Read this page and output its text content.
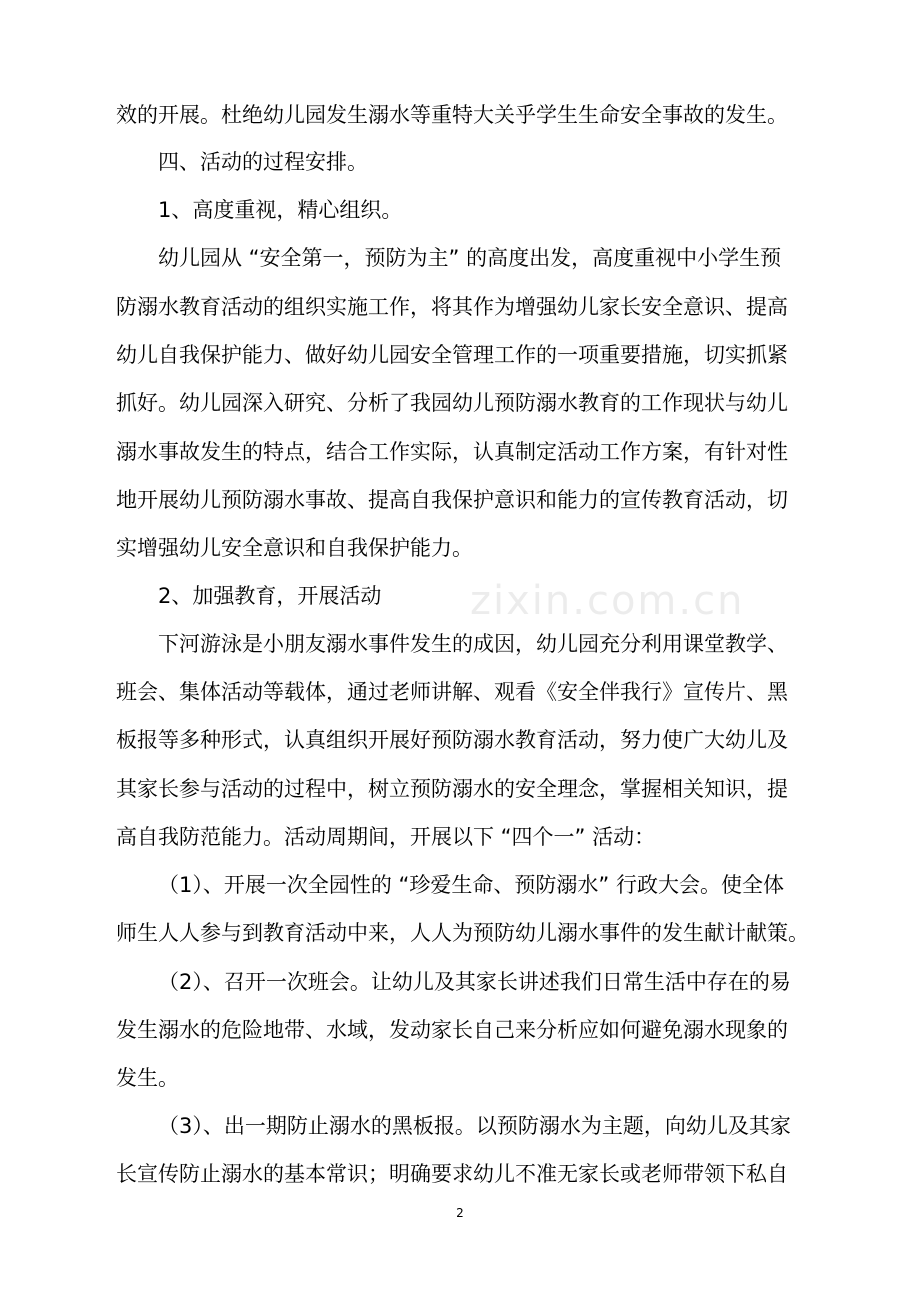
zixin.com.cn
效的开展。杜绝幼儿园发生溺水等重特大关乎学生生命安全事故的发生。
四、活动的过程安排。
1、高度重视，精心组织。
幼儿园从 “安全第一，预防为主” 的高度出发，高度重视中小学生预
防溺水教育活动的组织实施工作，将其作为增强幼儿家长安全意识、提高
幼儿自我保护能力、做好幼儿园安全管理工作的一项重要措施，切实抓紧
抓好。幼儿园深入研究、分析了我园幼儿预防溺水教育的工作现状与幼儿
溺水事故发生的特点，结合工作实际，认真制定活动工作方案，有针对性
地开展幼儿预防溺水事故、提高自我保护意识和能力的宣传教育活动，切
实增强幼儿安全意识和自我保护能力。
2、加强教育，开展活动
下河游泳是小朋友溺水事件发生的成因，幼儿园充分利用课堂教学、
班会、集体活动等载体，通过老师讲解、观看《安全伴我行》宣传片、黑
板报等多种形式，认真组织开展好预防溺水教育活动，努力使广大幼儿及
其家长参与活动的过程中，树立预防溺水的安全理念，掌握相关知识，提
高自我防范能力。活动周期间，开展以下 “四个一” 活动：
（1）、开展一次全园性的 “珍爱生命、预防溺水” 行政大会。使全体
师生人人参与到教育活动中来，人人为预防幼儿溺水事件的发生献计献策。
（2）、召开一次班会。让幼儿及其家长讲述我们日常生活中存在的易
发生溺水的危险地带、水域，发动家长自己来分析应如何避免溺水现象的
发生。
（3）、出一期防止溺水的黑板报。以预防溺水为主题，向幼儿及其家
长宣传防止溺水的基本常识；明确要求幼儿不准无家长或老师带领下私自
2
